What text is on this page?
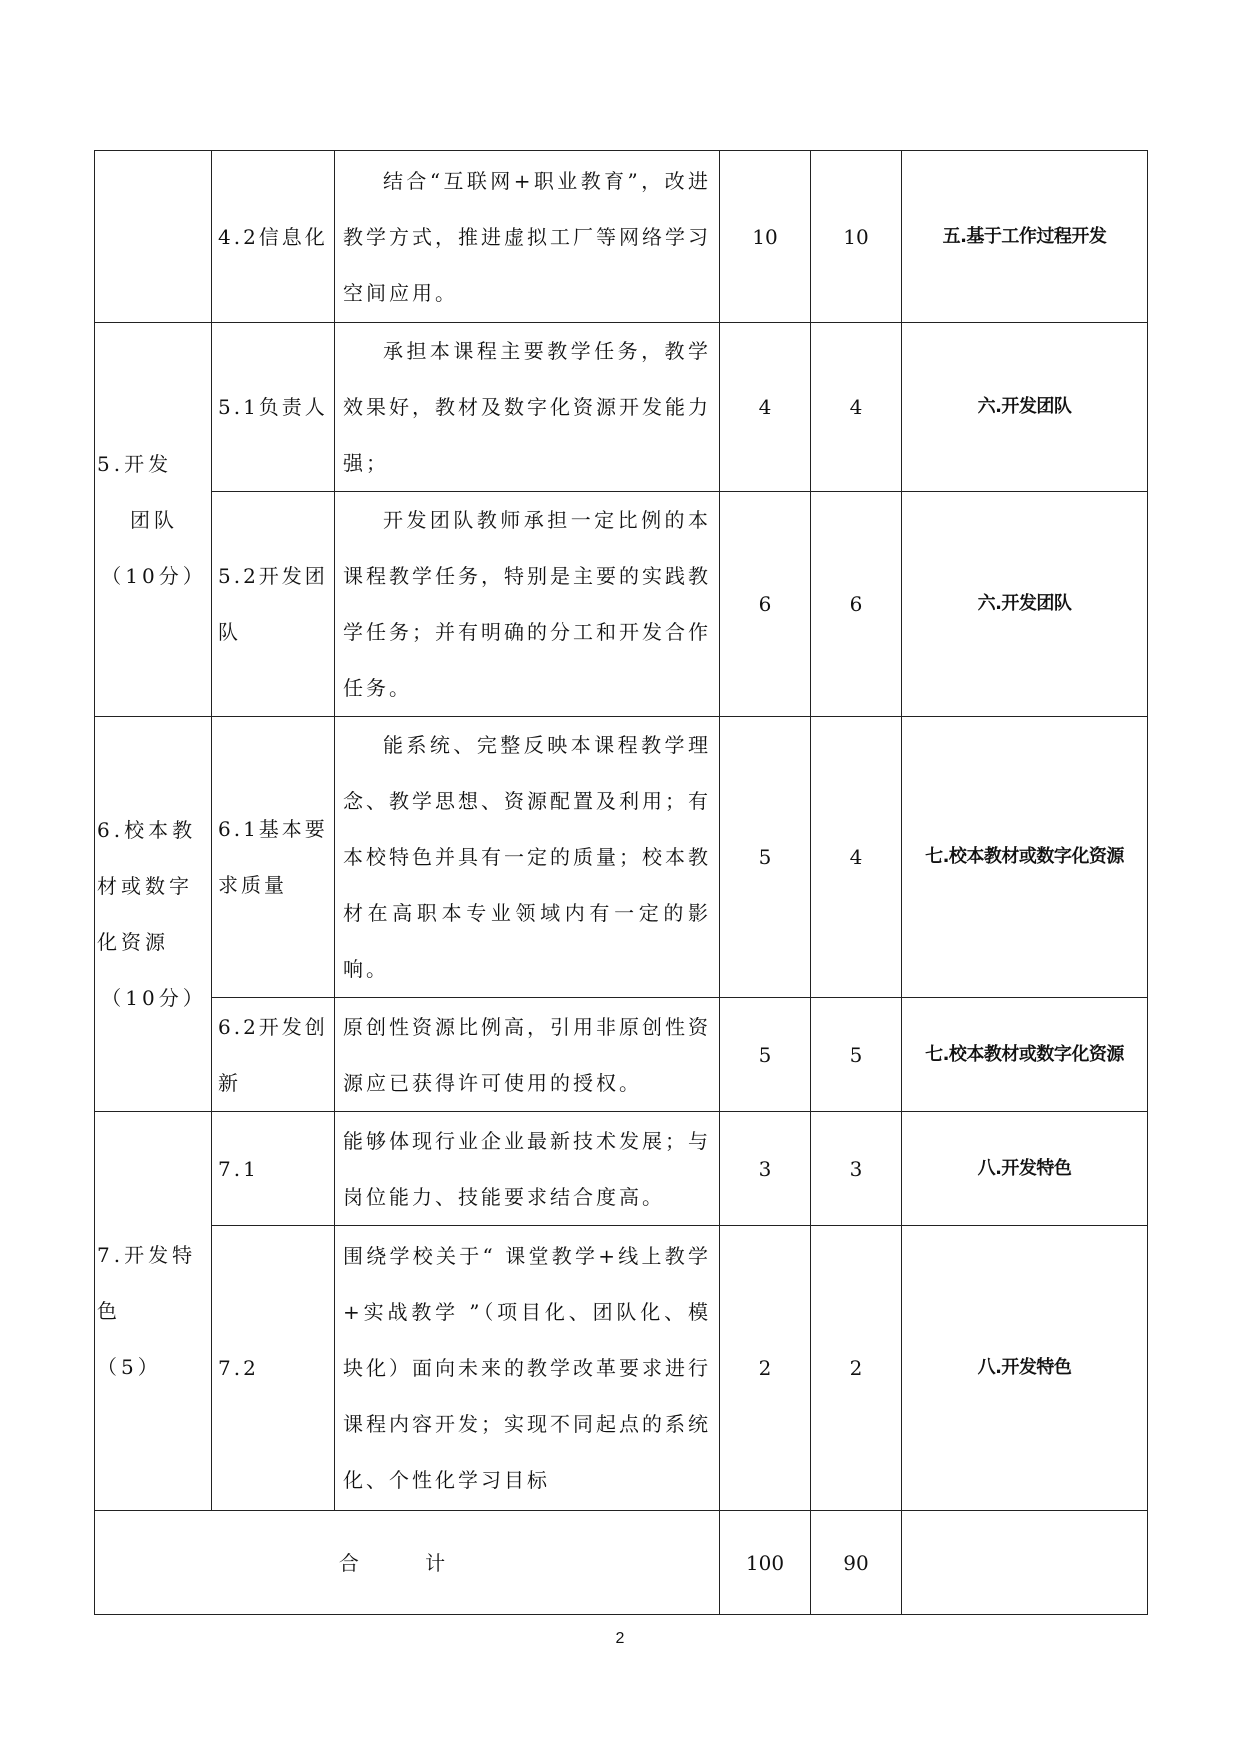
	4.2信息化	结合“互联网+职业教育”，改进教学方式，推进虚拟工厂等网络学习空间应用。	10	10	五.基于工作过程开发
5.开发

团队
（10分）	5.1负责人	承担本课程主要教学任务，教学效果好，教材及数字化资源开发能力强；	4	4	六.开发团队
	5.2开发团队	开发团队教师承担一定比例的本课程教学任务，特别是主要的实践教学任务；并有明确的分工和开发合作任务。	6	6	六.开发团队
6.校本教材或数字化资源

（10分）	6.1基本要求质量	能系统、完整反映本课程教学理念、教学思想、资源配置及利用；有本校特色并具有一定的质量；校本教材在高职本专业领域内有一定的影响。	5	4	七.校本教材或数字化资源
	6.2开发创新	原创性资源比例高，引用非原创性资源应已获得许可使用的授权。	5	5	七.校本教材或数字化资源
7.开发特色
（5）	7.1	能够体现行业企业最新技术发展；与岗位能力、技能要求结合度高。	3	3	八.开发特色
	7.2	围绕学校关于“ 课堂教学+线上教学+实战教学 ”（项目化、团队化、模块化）面向未来的教学改革要求进行课程内容开发；实现不同起点的系统化、个性化学习目标	2	2	八.开发特色
合 计			100	90	
2
